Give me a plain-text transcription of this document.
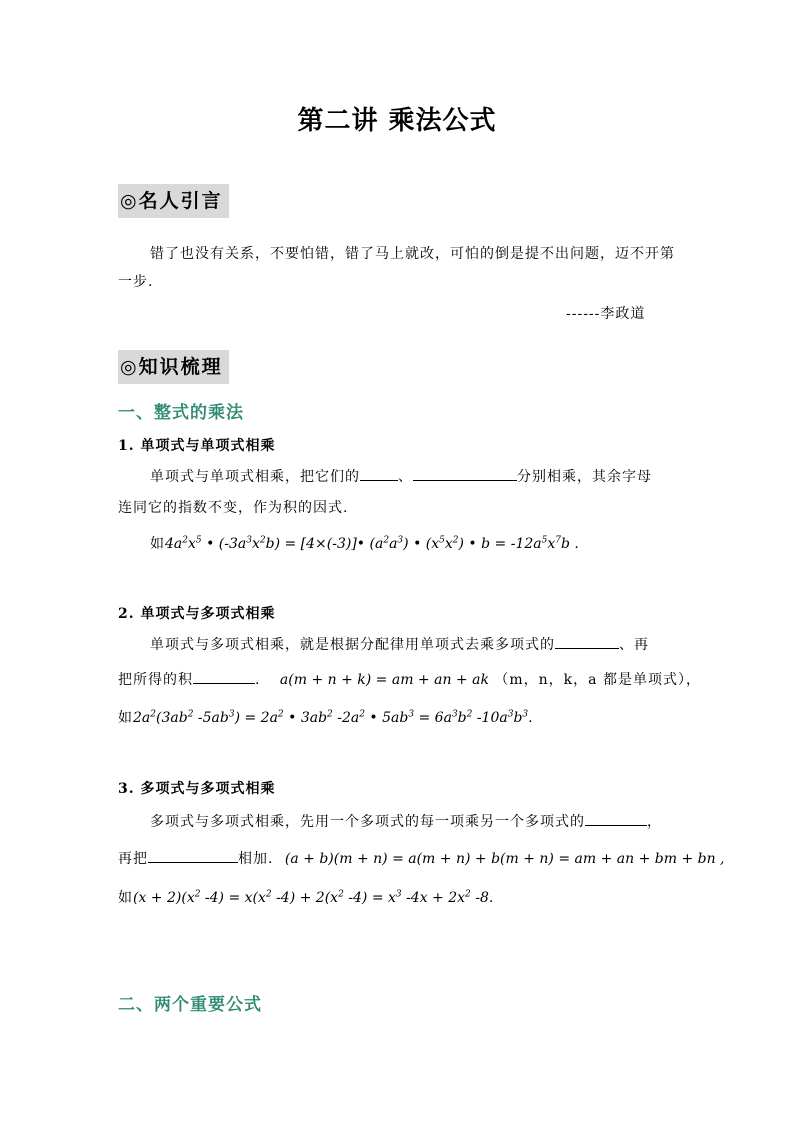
第二讲 乘法公式
◎名人引言
错了也没有关系，不要怕错，错了马上就改，可怕的倒是提不出问题，迈不开第一步.
------李政道
◎知识梳理
一、整式的乘法
1. 单项式与单项式相乘
单项式与单项式相乘，把它们的	、	分别相乘，其余字母
连同它的指数不变，作为积的因式.
如$4a^2x^5$ • $(-3a^3x^2b)$ = [4×(-3)]• $(a^2a^3)$ • $(x^5x^2)$ • $b = -12a^5x^7b$ .
2. 单项式与多项式相乘
单项式与多项式相乘，就是根据分配律用单项式去乘多项式的	、再
把所得的积	. a(m + n + k) = am + an + ak （m，n，k，a 都是单项式），
如$2a^2(3ab^2$ $-5ab^3) = 2a^2$ • $3ab^2$ $-2a^2$ • $5ab^3 = 6a^3b^2$ $-10a^3b^3$.
3. 多项式与多项式相乘
多项式与多项式相乘，先用一个多项式的每一项乘另一个多项式的	，
再把	相加. (a + b)(m + n) = a(m + n) + b(m + n) = am + an + bm + bn ,
如$(x + 2)(x^2$ $-4) = x(x^2$ $-4) + 2(x^2$ $-4) = x^3$ $-4x + 2x^2$ -8.
二、两个重要公式
